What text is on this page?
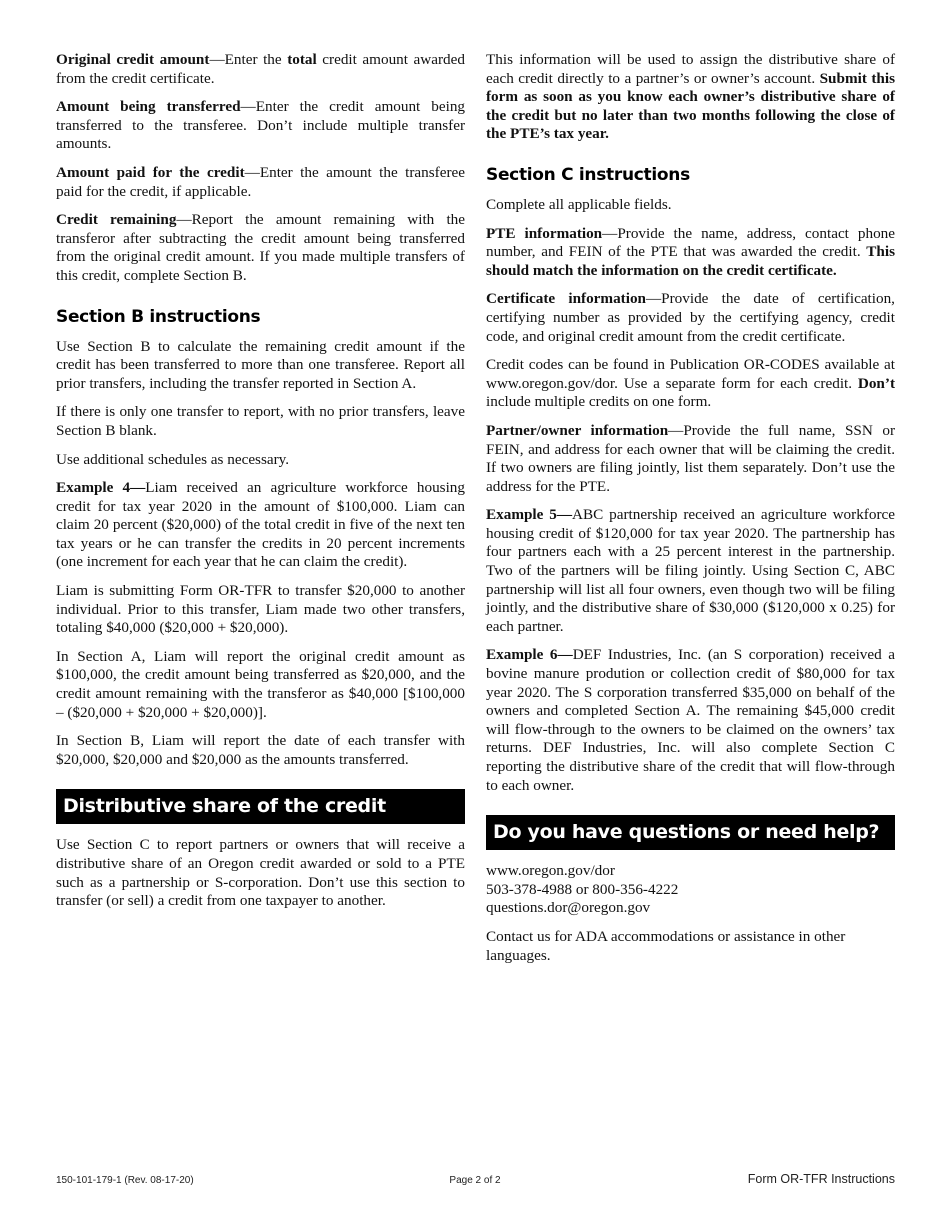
Original credit amount—Enter the total credit amount awarded from the credit certificate.

Amount being transferred—Enter the credit amount being transferred to the transferee. Don’t include multiple transfer amounts.

Amount paid for the credit—Enter the amount the transferee paid for the credit, if applicable.

Credit remaining—Report the amount remaining with the transferor after subtracting the credit amount being transferred from the original credit amount. If you made multiple transfers of this credit, complete Section B.

Section B instructions

Use Section B to calculate the remaining credit amount if the credit has been transferred to more than one transferee. Report all prior transfers, including the transfer reported in Section A.

If there is only one transfer to report, with no prior transfers, leave Section B blank.

Use additional schedules as necessary.

Example 4—Liam received an agriculture workforce housing credit for tax year 2020 in the amount of $100,000. Liam can claim 20 percent ($20,000) of the total credit in five of the next ten tax years or he can transfer the credits in 20 percent increments (one increment for each year that he can claim the credit).

Liam is submitting Form OR-TFR to transfer $20,000 to another individual. Prior to this transfer, Liam made two other transfers, totaling $40,000 ($20,000 + $20,000).

In Section A, Liam will report the original credit amount as $100,000, the credit amount being transferred as $20,000, and the credit amount remaining with the transferor as $40,000 [$100,000 – ($20,000 + $20,000 + $20,000)].

In Section B, Liam will report the date of each transfer with $20,000, $20,000 and $20,000 as the amounts transferred.

Distributive share of the credit

Use Section C to report partners or owners that will receive a distributive share of an Oregon credit awarded or sold to a PTE such as a partnership or S-corporation. Don’t use this section to transfer (or sell) a credit from one taxpayer to another.

This information will be used to assign the distributive share of each credit directly to a partner’s or owner’s account. Submit this form as soon as you know each owner’s distributive share of the credit but no later than two months following the close of the PTE’s tax year.

Section C instructions

Complete all applicable fields.

PTE information—Provide the name, address, contact phone number, and FEIN of the PTE that was awarded the credit. This should match the information on the credit certificate.

Certificate information—Provide the date of certification, certifying number as provided by the certifying agency, credit code, and original credit amount from the credit certificate.

Credit codes can be found in Publication OR-CODES available at www.oregon.gov/dor. Use a separate form for each credit. Don’t include multiple credits on one form.

Partner/owner information—Provide the full name, SSN or FEIN, and address for each owner that will be claiming the credit. If two owners are filing jointly, list them separately. Don’t use the address for the PTE.

Example 5—ABC partnership received an agriculture workforce housing credit of $120,000 for tax year 2020. The partnership has four partners each with a 25 percent interest in the partnership. Two of the partners will be filing jointly. Using Section C, ABC partnership will list all four owners, even though two will be filing jointly, and the distributive share of $30,000 ($120,000 x 0.25) for each partner.

Example 6—DEF Industries, Inc. (an S corporation) received a bovine manure prodution or collection credit of $80,000 for tax year 2020. The S corporation transferred $35,000 on behalf of the owners and completed Section A. The remaining $45,000 credit will flow-through to the owners to be claimed on the owners’ tax returns. DEF Industries, Inc. will also complete Section C reporting the distributive share of the credit that will flow-through to each owner.

Do you have questions or need help?
www.oregon.gov/dor
503-378-4988 or 800-356-4222
questions.dor@oregon.gov

Contact us for ADA accommodations or assistance in other languages.

150-101-179-1 (Rev. 08-17-20)	Page 2 of 2	Form OR-TFR Instructions
